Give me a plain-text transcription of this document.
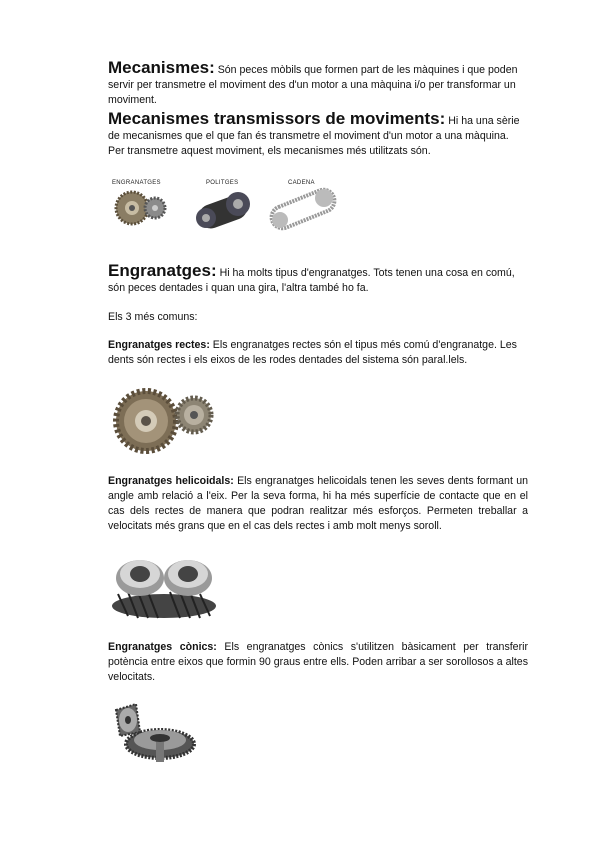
Mecanismes: Són peces mòbils que formen part de les màquines i que poden servir per transmetre el moviment des d'un motor a una màquina i/o per transformar un moviment.

Mecanismes transmissors de moviments: Hi ha una sèrie de mecanismes que el que fan és transmetre el moviment d'un motor a una màquina. Per transmetre aquest moviment, els mecanismes més utilitzats són.

ENGRANATGES	POLITGES	CADENA

Engranatges: Hi ha molts tipus d'engranatges. Tots tenen una cosa en comú, són peces dentades i quan una gira, l'altra també ho fa.

Els 3 més comuns:

Engranatges rectes: Els engranatges rectes són el tipus més comú d'engranatge. Les dents són rectes i els eixos de les rodes dentades del sistema són paral.lels.

Engranatges helicoidals: Els engranatges helicoidals tenen les seves dents formant un angle amb relació a l'eix. Per la seva forma, hi ha més superfície de contacte que en el cas dels rectes de manera que podran realitzar més esforços. Permeten treballar a velocitats més grans que en el cas dels rectes i amb molt menys soroll.

Engranatges cònics: Els engranatges cònics s'utilitzen bàsicament per transferir potència entre eixos que formin 90 graus entre ells. Poden arribar a ser sorollosos a altes velocitats.
